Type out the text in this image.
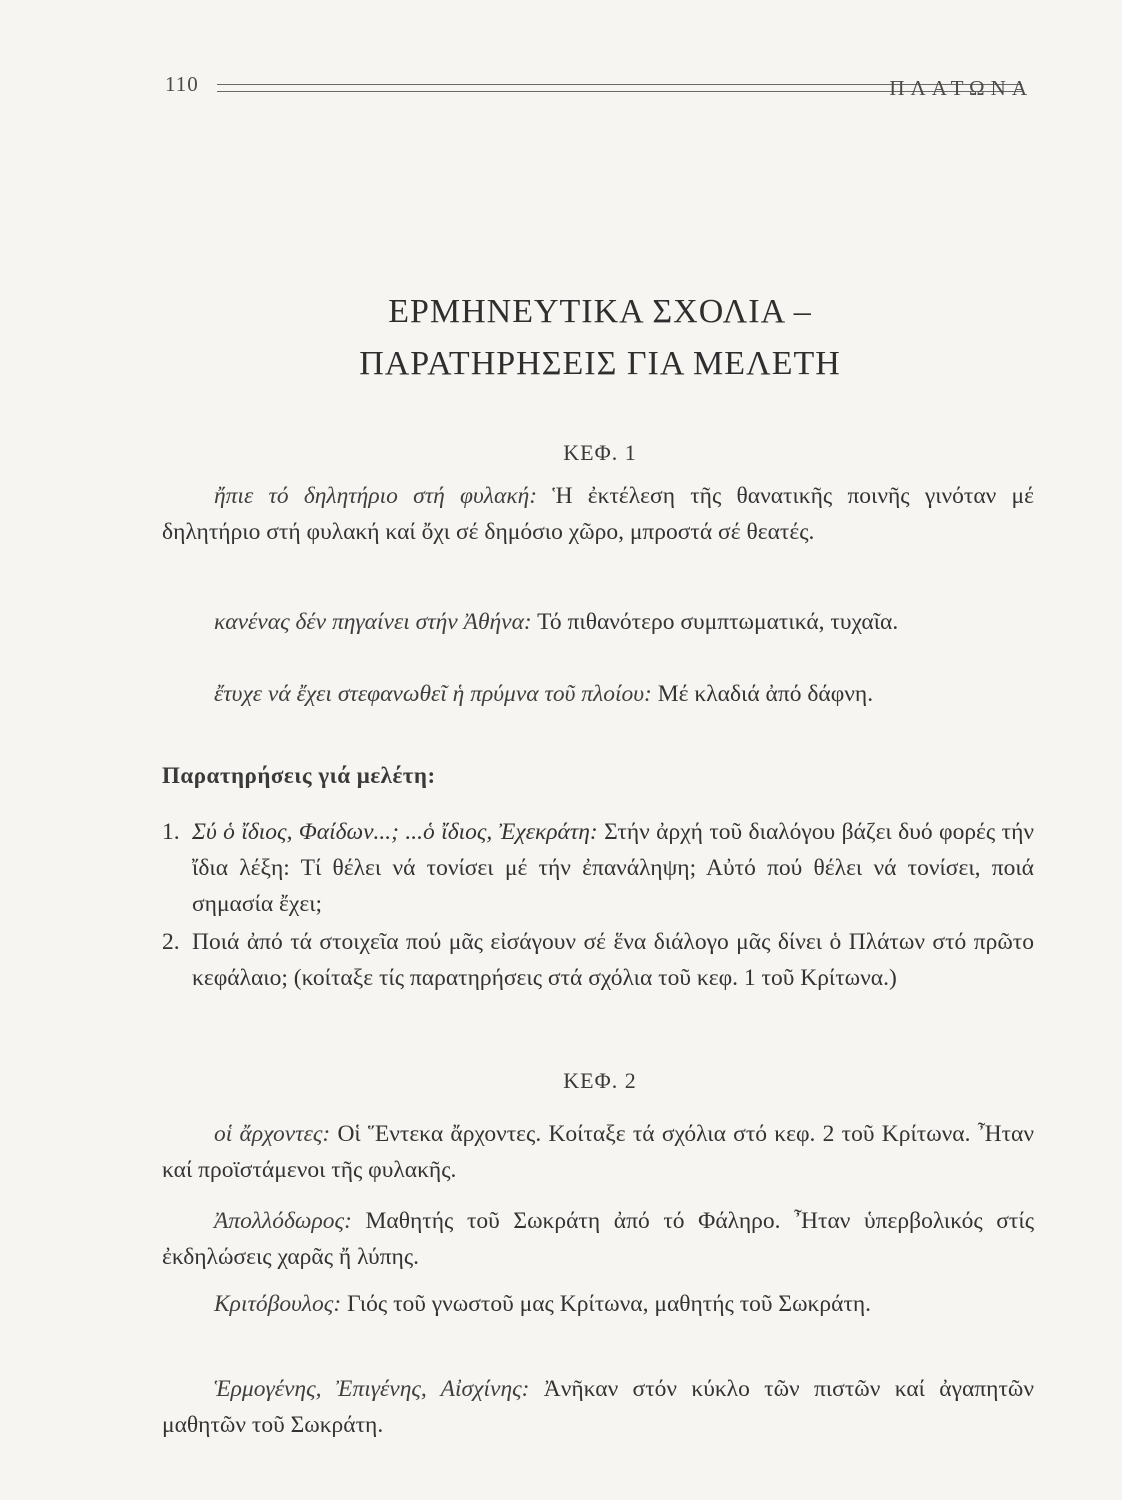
110	ΠΛΑΤΩΝΑ
ΕΡΜΗΝΕΥΤΙΚΑ ΣΧΟΛΙΑ –
ΠΑΡΑΤΗΡΗΣΕΙΣ ΓΙΑ ΜΕΛΕΤΗ
ΚΕΦ. 1

ἤπιε τό δηλητήριο στή φυλακή: Ἡ ἐκτέλεση τῆς θανατικῆς ποινῆς γινόταν μέ δηλητήριο στή φυλακή καί ὄχι σέ δημόσιο χῶρο, μπροστά σέ θεατές.

κανένας δέν πηγαίνει στήν Ἀθήνα: Τό πιθανότερο συμπτωματικά, τυχαῖα.

ἔτυχε νά ἔχει στεφανωθεῖ ἡ πρύμνα τοῦ πλοίου: Μέ κλαδιά ἀπό δάφνη.

Παρατηρήσεις γιά μελέτη:
1. Σύ ὁ ἴδιος, Φαίδων...; ...ὁ ἴδιος, Ἐχεκράτη: Στήν ἀρχή τοῦ διαλόγου βάζει δυό φορές τήν ἴδια λέξη: Τί θέλει νά τονίσει μέ τήν ἐπανάληψη; Αὐτό πού θέλει νά τονίσει, ποιά σημασία ἔχει;
2. Ποιά ἀπό τά στοιχεῖα πού μᾶς εἰσάγουν σέ ἕνα διάλογο μᾶς δίνει ὁ Πλάτων στό πρῶτο κεφάλαιο; (κοίταξε τίς παρατηρήσεις στά σχόλια τοῦ κεφ. 1 τοῦ Κρίτωνα.)
ΚΕΦ. 2

οἱ ἄρχοντες: Οἱ Ἕντεκα ἄρχοντες. Κοίταξε τά σχόλια στό κεφ. 2 τοῦ Κρίτωνα. Ἦταν καί προϊστάμενοι τῆς φυλακῆς.

Ἀπολλόδωρος: Μαθητής τοῦ Σωκράτη ἀπό τό Φάληρο. Ἦταν ὑπερβολικός στίς ἐκδηλώσεις χαρᾶς ἤ λύπης.

Κριτόβουλος: Γιός τοῦ γνωστοῦ μας Κρίτωνα, μαθητής τοῦ Σωκράτη.

Ἑρμογένης, Ἐπιγένης, Αἰσχίνης: Ἀνῆκαν στόν κύκλο τῶν πιστῶν καί ἀγαπητῶν μαθητῶν τοῦ Σωκράτη.
